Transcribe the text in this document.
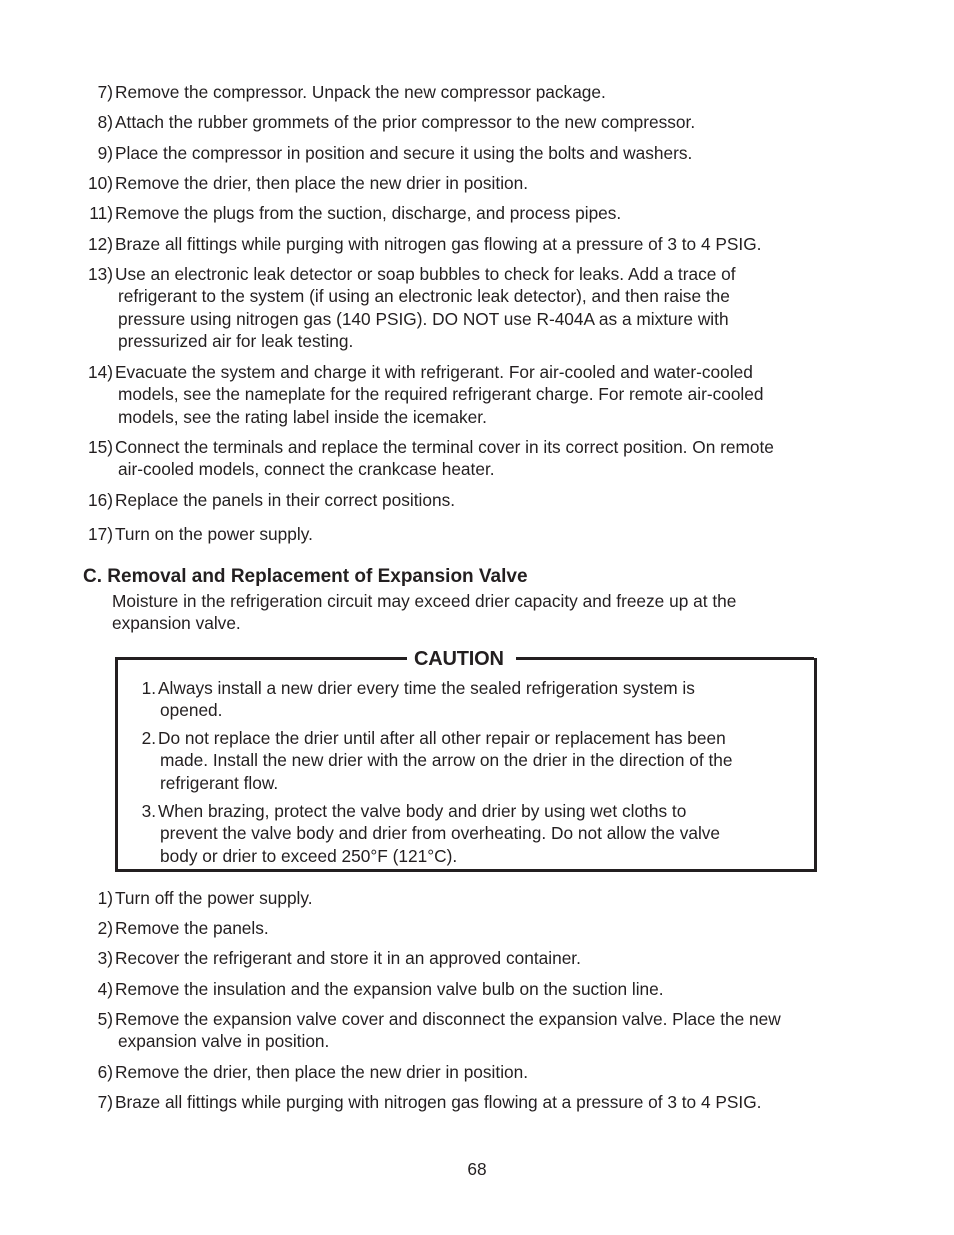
7) Remove the compressor. Unpack the new compressor package.
8) Attach the rubber grommets of the prior compressor to the new compressor.
9) Place the compressor in position and secure it using the bolts and washers.
10) Remove the drier, then place the new drier in position.
11) Remove the plugs from the suction, discharge, and process pipes.
12) Braze all fittings while purging with nitrogen gas flowing at a pressure of 3 to 4 PSIG.
13) Use an electronic leak detector or soap bubbles to check for leaks. Add a trace of
refrigerant to the system (if using an electronic leak detector), and then raise the
pressure using nitrogen gas (140 PSIG). DO NOT use R-404A as a mixture with
pressurized air for leak testing.
14) Evacuate the system and charge it with refrigerant. For air-cooled and water-cooled
models, see the nameplate for the required refrigerant charge. For remote air-cooled
models, see the rating label inside the icemaker.
15) Connect the terminals and replace the terminal cover in its correct position. On remote
air-cooled models, connect the crankcase heater.
16) Replace the panels in their correct positions.
17) Turn on the power supply.
C. Removal and Replacement of Expansion Valve
Moisture in the refrigeration circuit may exceed drier capacity and freeze up at the
expansion valve.
CAUTION
1. Always install a new drier every time the sealed refrigeration system is
opened.
2. Do not replace the drier until after all other repair or replacement has been
made. Install the new drier with the arrow on the drier in the direction of the
refrigerant flow.
3. When brazing, protect the valve body and drier by using wet cloths to
prevent the valve body and drier from overheating. Do not allow the valve
body or drier to exceed 250°F (121°C).
1) Turn off the power supply.
2) Remove the panels.
3) Recover the refrigerant and store it in an approved container.
4) Remove the insulation and the expansion valve bulb on the suction line.
5) Remove the expansion valve cover and disconnect the expansion valve. Place the new
expansion valve in position.
6) Remove the drier, then place the new drier in position.
7) Braze all fittings while purging with nitrogen gas flowing at a pressure of 3 to 4 PSIG.
68
